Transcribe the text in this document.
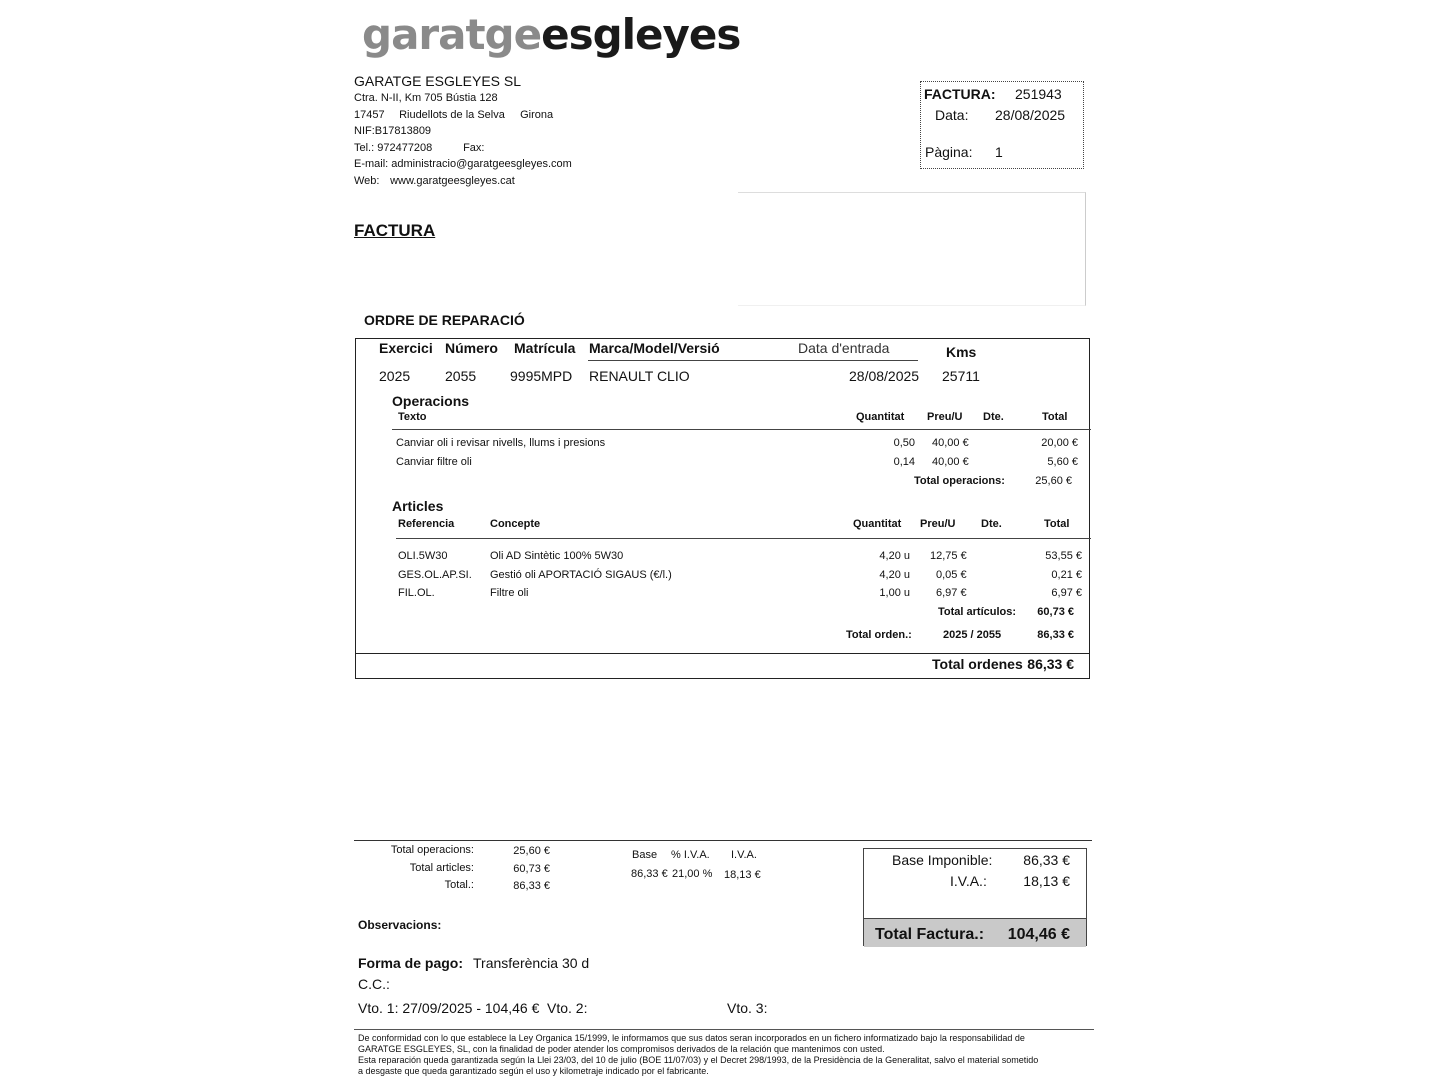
garatgeesgleyes
GARATGE ESGLEYES SL
Ctra. N-II, Km 705 Bústia 128
17457 Riudellots de la Selva Girona
NIF:B17813809
Tel.: 972477208	Fax:
E-mail: administracio@garatgeesgleyes.com
Web: www.garatgeesgleyes.cat
FACTURA: 251943
Data: 28/08/2025
Pàgina: 1
FACTURA
ORDRE DE REPARACIÓ
Exercici Número Matrícula Marca/Model/Versió	Data d'entrada	Kms
2025 2055 9995MPD RENAULT CLIO	28/08/2025 25711
Operacions
Texto	Quantitat Preu/U Dte.	Total
Canviar oli i revisar nivells, llums i presions	0,50 40,00 €	20,00 €
Canviar filtre oli	0,14 40,00 €	5,60 €
Total operacions:	25,60 €
Articles
Referencia	Concepte	Quantitat Preu/U Dte.	Total
OLI.5W30	Oli AD Sintètic 100% 5W30	4,20 u 12,75 €	53,55 €
GES.OL.AP.SI. Gestió oli APORTACIÓ SIGAUS (€/l.)	4,20 u 0,05 €	0,21 €
FIL.OL.	Filtre oli	1,00 u 6,97 €	6,97 €
Total artículos:	60,73 €
Total orden.:	2025 / 2055	86,33 €
Total ordenes 86,33 €
Total operacions:	25,60 €
Total articles:	60,73 €
Total.:	86,33 €
Base % I.V.A. I.V.A.
86,33 € 21,00 % 18,13 €
Base Imponible:	86,33 €
I.V.A.:	18,13 €
Total Factura.:	104,46 €
Observacions:
Forma de pago: Transferència 30 d
C.C.:
Vto. 1: 27/09/2025 - 104,46 € Vto. 2:	Vto. 3:
De conformidad con lo que establece la Ley Organica 15/1999, le informamos que sus datos seran incorporados en un fichero informatizado bajo la responsabilidad de
GARATGE ESGLEYES, SL, con la finalidad de poder atender los compromisos derivados de la relación que mantenimos con usted.
Esta reparación queda garantizada según la Llei 23/03, del 10 de julio (BOE 11/07/03) y el Decret 298/1993, de la Presidència de la Generalitat, salvo el material sometido
a desgaste que queda garantizado según el uso y kilometraje indicado por el fabricante.
